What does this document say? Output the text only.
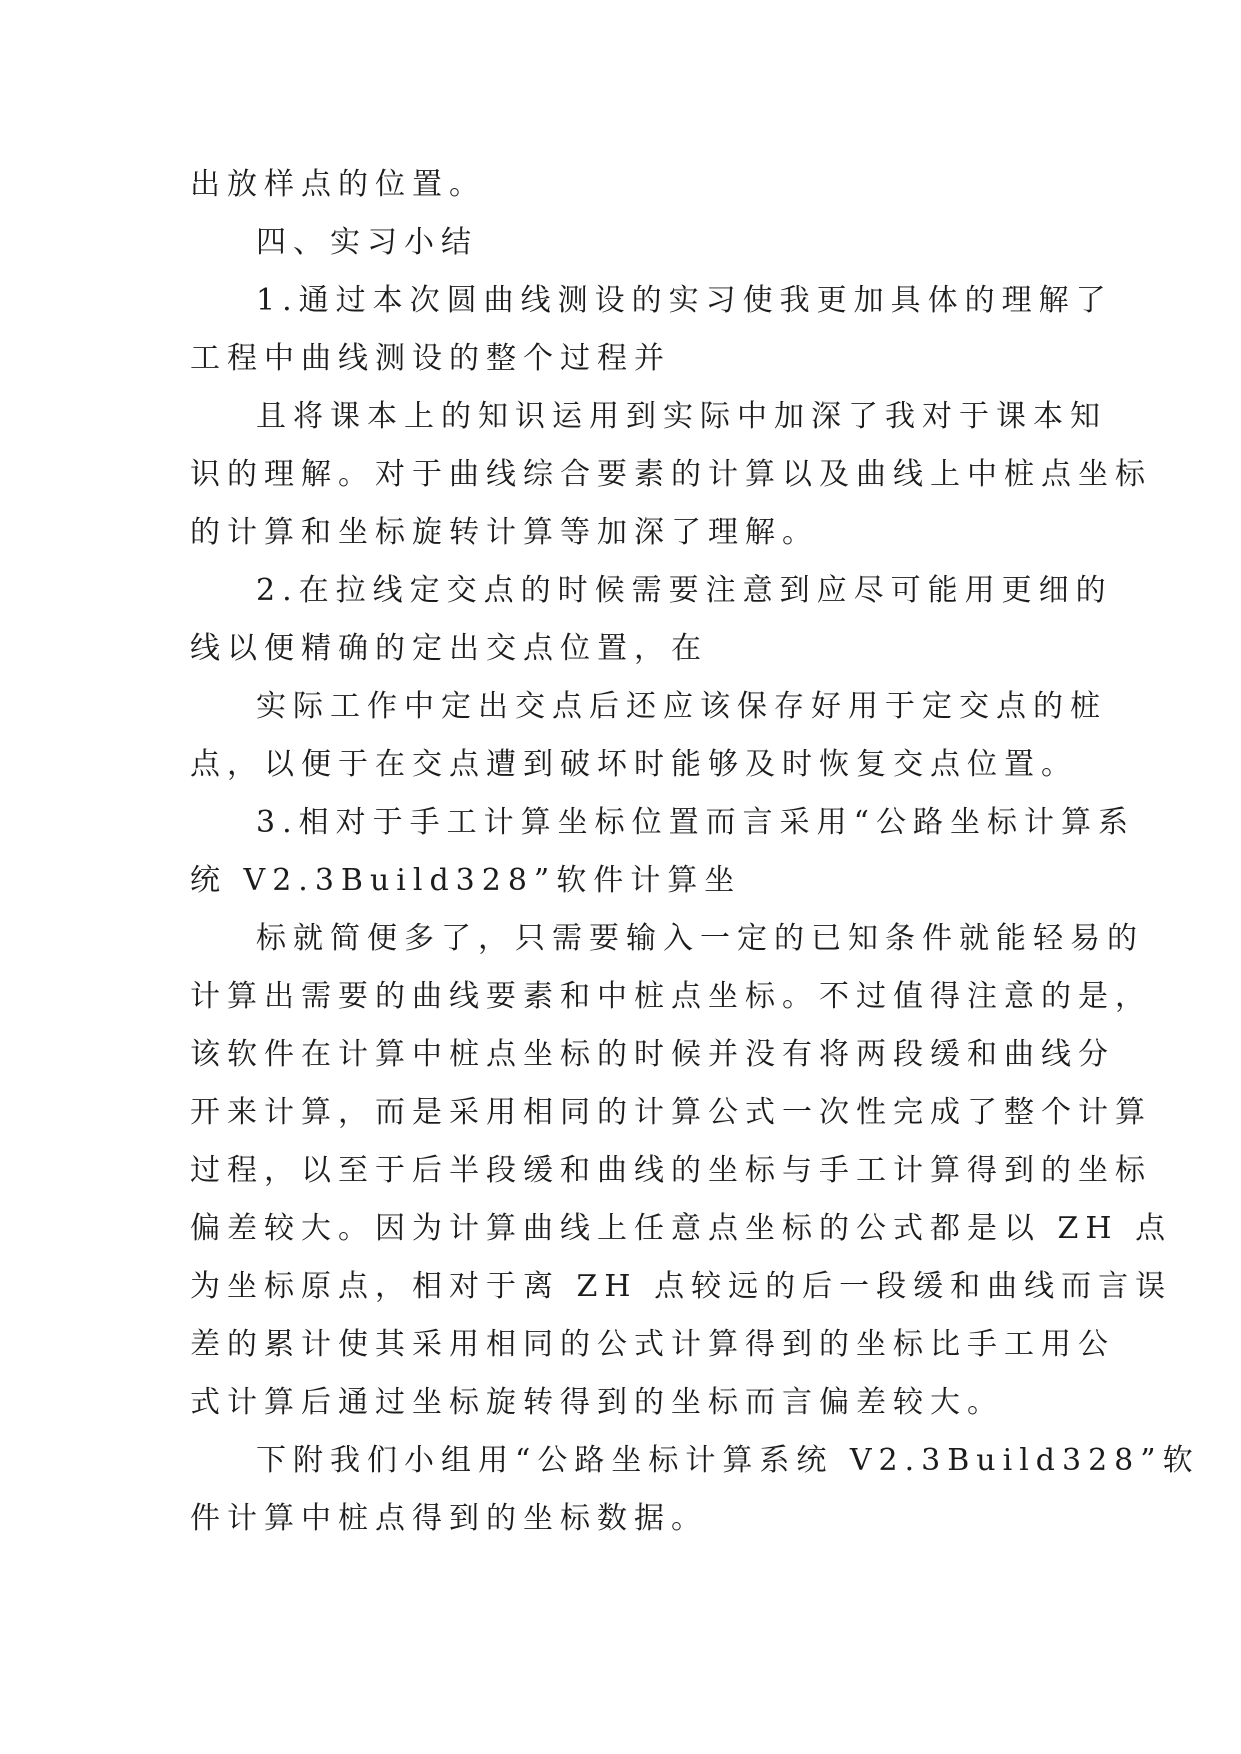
出放样点的位置。
四、实习小结
1.通过本次圆曲线测设的实习使我更加具体的理解了
工程中曲线测设的整个过程并
且将课本上的知识运用到实际中加深了我对于课本知
识的理解。对于曲线综合要素的计算以及曲线上中桩点坐标
的计算和坐标旋转计算等加深了理解。
2.在拉线定交点的时候需要注意到应尽可能用更细的
线以便精确的定出交点位置，在
实际工作中定出交点后还应该保存好用于定交点的桩
点，以便于在交点遭到破坏时能够及时恢复交点位置。
3.相对于手工计算坐标位置而言采用“公路坐标计算系
统 V2.3Build328”软件计算坐
标就简便多了，只需要输入一定的已知条件就能轻易的
计算出需要的曲线要素和中桩点坐标。不过值得注意的是，
该软件在计算中桩点坐标的时候并没有将两段缓和曲线分
开来计算，而是采用相同的计算公式一次性完成了整个计算
过程，以至于后半段缓和曲线的坐标与手工计算得到的坐标
偏差较大。因为计算曲线上任意点坐标的公式都是以 ZH 点
为坐标原点，相对于离 ZH 点较远的后一段缓和曲线而言误
差的累计使其采用相同的公式计算得到的坐标比手工用公
式计算后通过坐标旋转得到的坐标而言偏差较大。
下附我们小组用“公路坐标计算系统 V2.3Build328”软
件计算中桩点得到的坐标数据。
